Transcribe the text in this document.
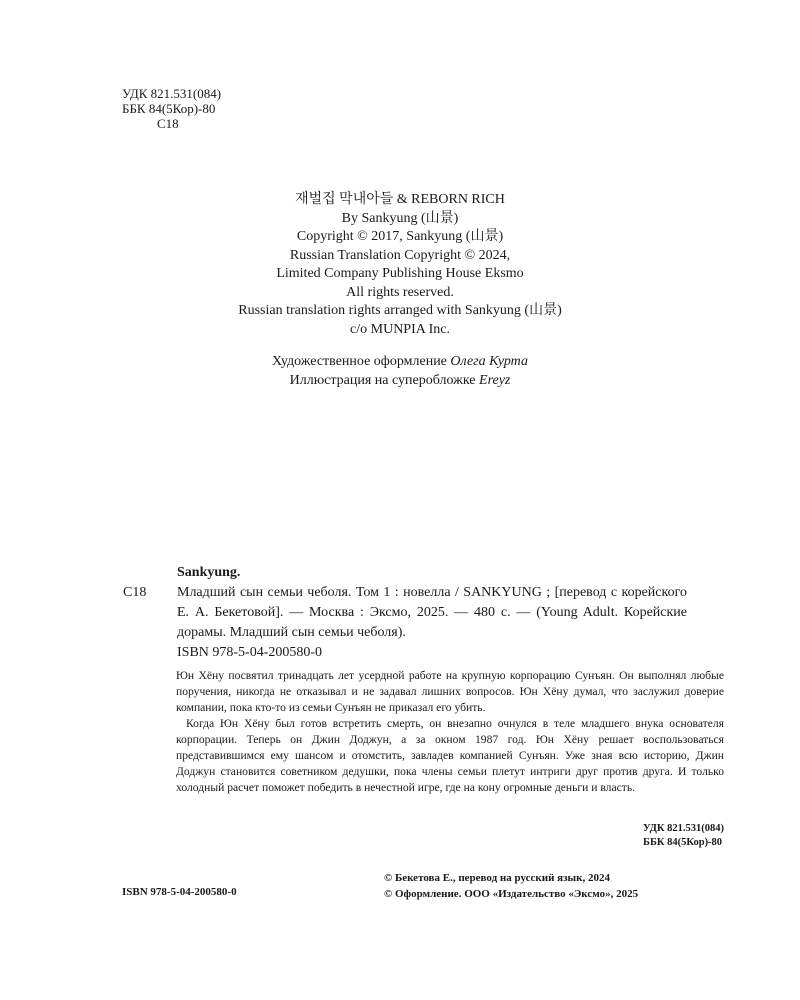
УДК 821.531(084)
ББК 84(5Кор)-80
С18
재벌집 막내아들 & REBORN RICH
By Sankyung (山景)
Copyright © 2017, Sankyung (山景)
Russian Translation Copyright © 2024,
Limited Company Publishing House Eksmo
All rights reserved.
Russian translation rights arranged with Sankyung (山景)
c/o MUNPIA Inc.
Художественное оформление Олега Курта
Иллюстрация на суперобложке Ereyz
Sankyung.
С18 Младший сын семьи чеболя. Том 1 : новелла / SANKYUNG ; [перевод с корейского Е. А. Бекетовой]. — Москва : Эксмо, 2025. — 480 с. — (Young Adult. Корейские дорамы. Младший сын семьи чеболя).
ISBN 978-5-04-200580-0

Юн Хёну посвятил тринадцать лет усердной работе на крупную корпорацию Сунъян. Он выполнял любые поручения, никогда не отказывал и не задавал лишних вопросов. Юн Хёну думал, что заслужил доверие компании, пока кто-то из семьи Сунъян не приказал его убить.

Когда Юн Хёну был готов встретить смерть, он внезапно очнулся в теле младшего внука основателя корпорации. Теперь он Джин Доджун, а за окном 1987 год. Юн Хёну решает воспользоваться представившимся ему шансом и отомстить, завладев компанией Сунъян. Уже зная всю историю, Джин Доджун становится советником дедушки, пока члены семьи плетут интриги друг против друга. И только холодный расчет поможет победить в нечестной игре, где на кону огромные деньги и власть.

УДК 821.531(084)
ББК 84(5Кор)-80
ISBN 978-5-04-200580-0
© Бекетова Е., перевод на русский язык, 2024
© Оформление. ООО «Издательство «Эксмо», 2025
